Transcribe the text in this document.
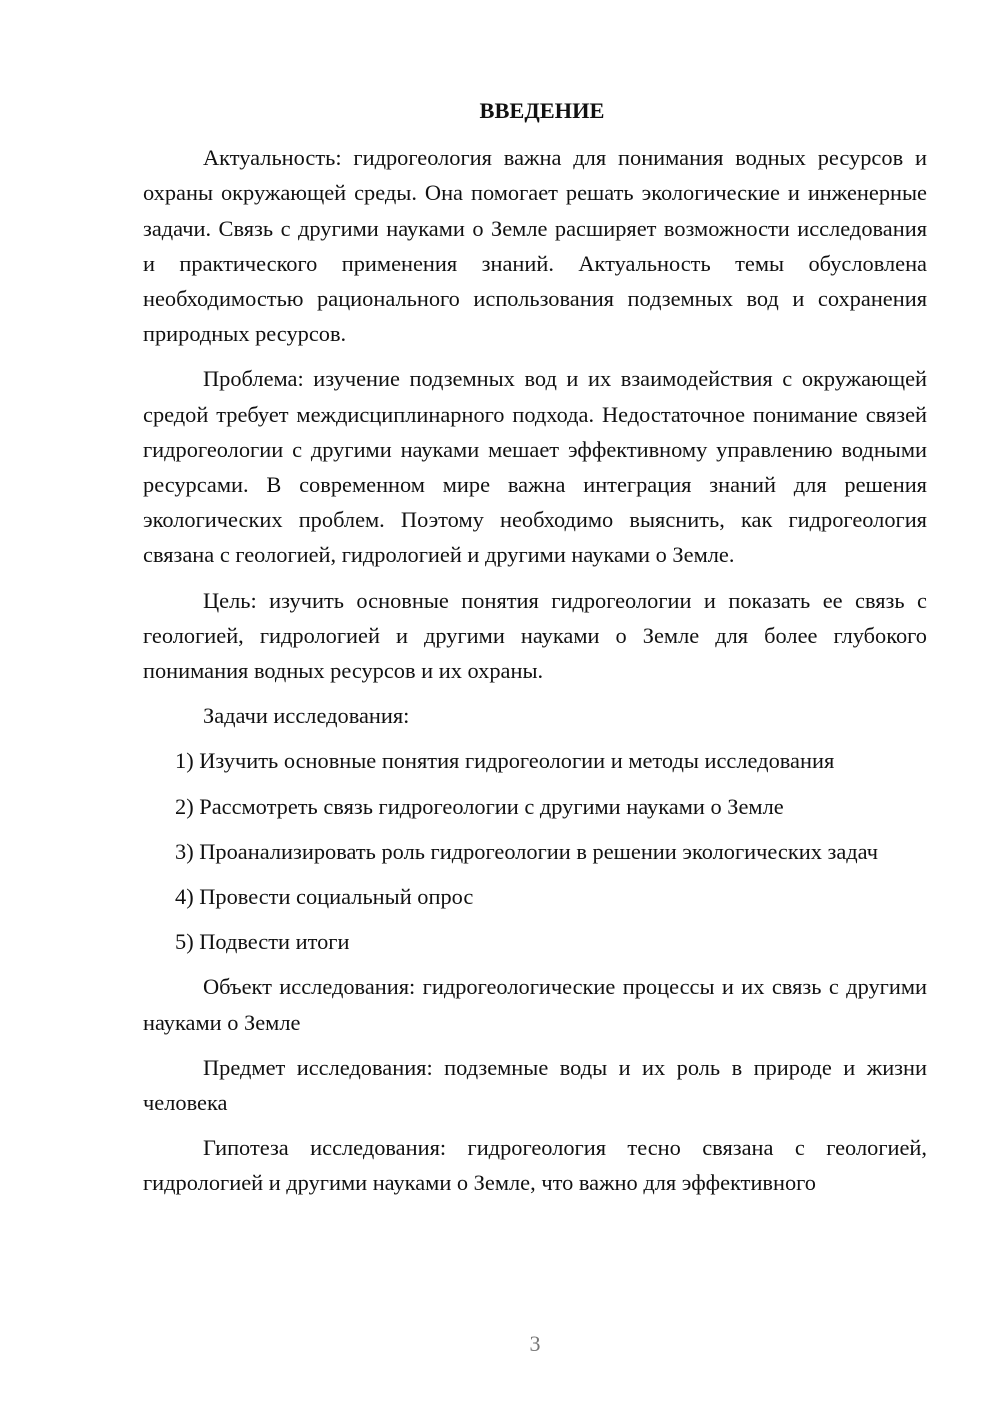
ВВЕДЕНИЕ

Актуальность: гидрогеология важна для понимания водных ресурсов и охраны окружающей среды. Она помогает решать экологические и инженерные задачи. Связь с другими науками о Земле расширяет возможности исследования и практического применения знаний. Актуальность темы обусловлена необходимостью рационального использования подземных вод и сохранения природных ресурсов.

Проблема: изучение подземных вод и их взаимодействия с окружающей средой требует междисциплинарного подхода. Недостаточное понимание связей гидрогеологии с другими науками мешает эффективному управлению водными ресурсами. В современном мире важна интеграция знаний для решения экологических проблем. Поэтому необходимо выяснить, как гидрогеология связана с геологией, гидрологией и другими науками о Земле.

Цель: изучить основные понятия гидрогеологии и показать ее связь с геологией, гидрологией и другими науками о Земле для более глубокого понимания водных ресурсов и их охраны.

Задачи исследования:

1) Изучить основные понятия гидрогеологии и методы исследования

2) Рассмотреть связь гидрогеологии с другими науками о Земле

3) Проанализировать роль гидрогеологии в решении экологических задач

4) Провести социальный опрос

5) Подвести итоги

Объект исследования: гидрогеологические процессы и их связь с другими науками о Земле

Предмет исследования: подземные воды и их роль в природе и жизни человека

Гипотеза исследования: гидрогеология тесно связана с геологией, гидрологией и другими науками о Земле, что важно для эффективного

3
